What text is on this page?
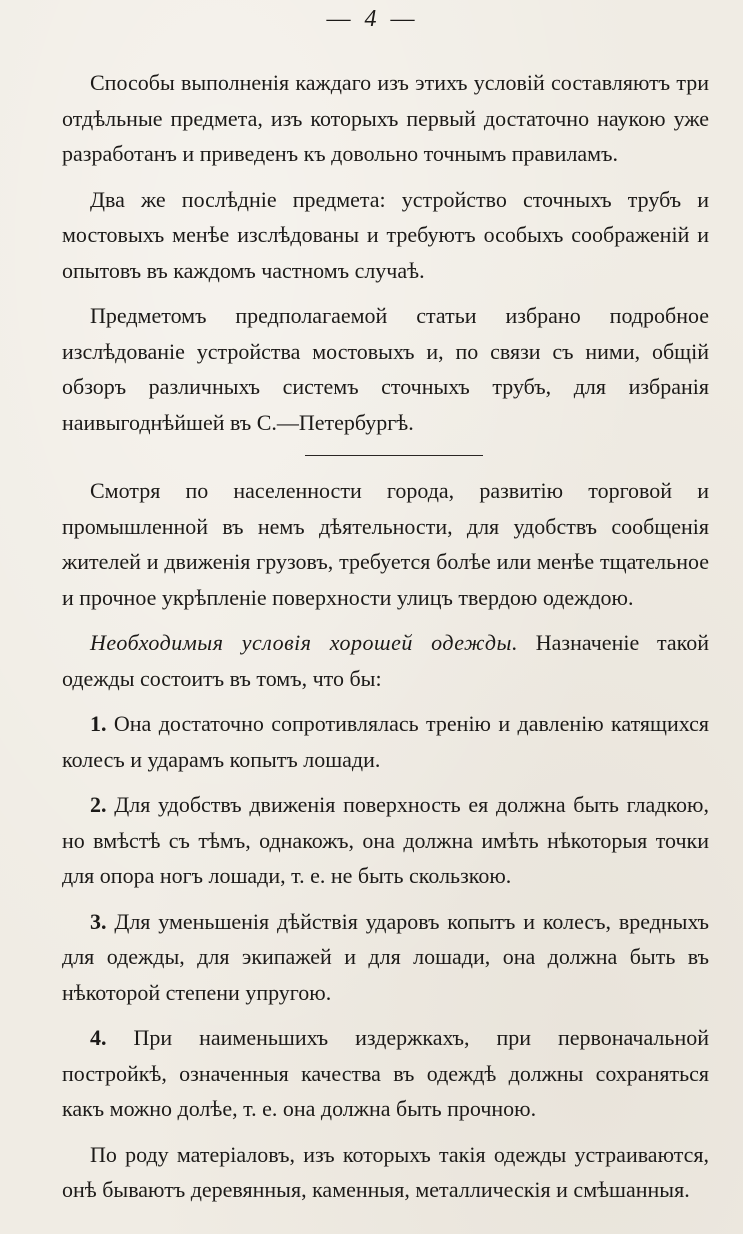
— 4 —

Способы выполненія каждаго изъ этихъ условій составляютъ три отдѣльные предмета, изъ которыхъ первый достаточно наукою уже разработанъ и приведенъ къ довольно точнымъ правиламъ.

Два же послѣдніе предмета: устройство сточныхъ трубъ и мостовыхъ менѣе изслѣдованы и требуютъ особыхъ соображеній и опытовъ въ каждомъ частномъ случаѣ.

Предметомъ предполагаемой статьи избрано подробное изслѣдованіе устройства мостовыхъ и, по связи съ ними, общій обзоръ различныхъ системъ сточныхъ трубъ, для избранія наивыгоднѣйшей въ С.—Петербургѣ.

Смотря по населенности города, развитію торговой и промышленной въ немъ дѣятельности, для удобствъ сообщенія жителей и движенія грузовъ, требуется болѣе или менѣе тщательное и прочное укрѣпленіе поверхности улицъ твердою одеждою.

Необходимыя условія хорошей одежды. Назначеніе такой одежды состоитъ въ томъ, что бы:

1. Она достаточно сопротивлялась тренію и давленію катящихся колесъ и ударамъ копытъ лошади.

2. Для удобствъ движенія поверхность ея должна быть гладкою, но вмѣстѣ съ тѣмъ, однакожъ, она должна имѣть нѣкоторыя точки для опора ногъ лошади, т. е. не быть скользкою.

3. Для уменьшенія дѣйствія ударовъ копытъ и колесъ, вредныхъ для одежды, для экипажей и для лошади, она должна быть въ нѣкоторой степени упругою.

4. При наименьшихъ издержкахъ, при первоначальной постройкѣ, означенныя качества въ одеждѣ должны сохраняться какъ можно долѣе, т. е. она должна быть прочною.

По роду матеріаловъ, изъ которыхъ такія одежды устраиваются, онѣ бываютъ деревянныя, каменныя, металлическія и смѣшанныя.
